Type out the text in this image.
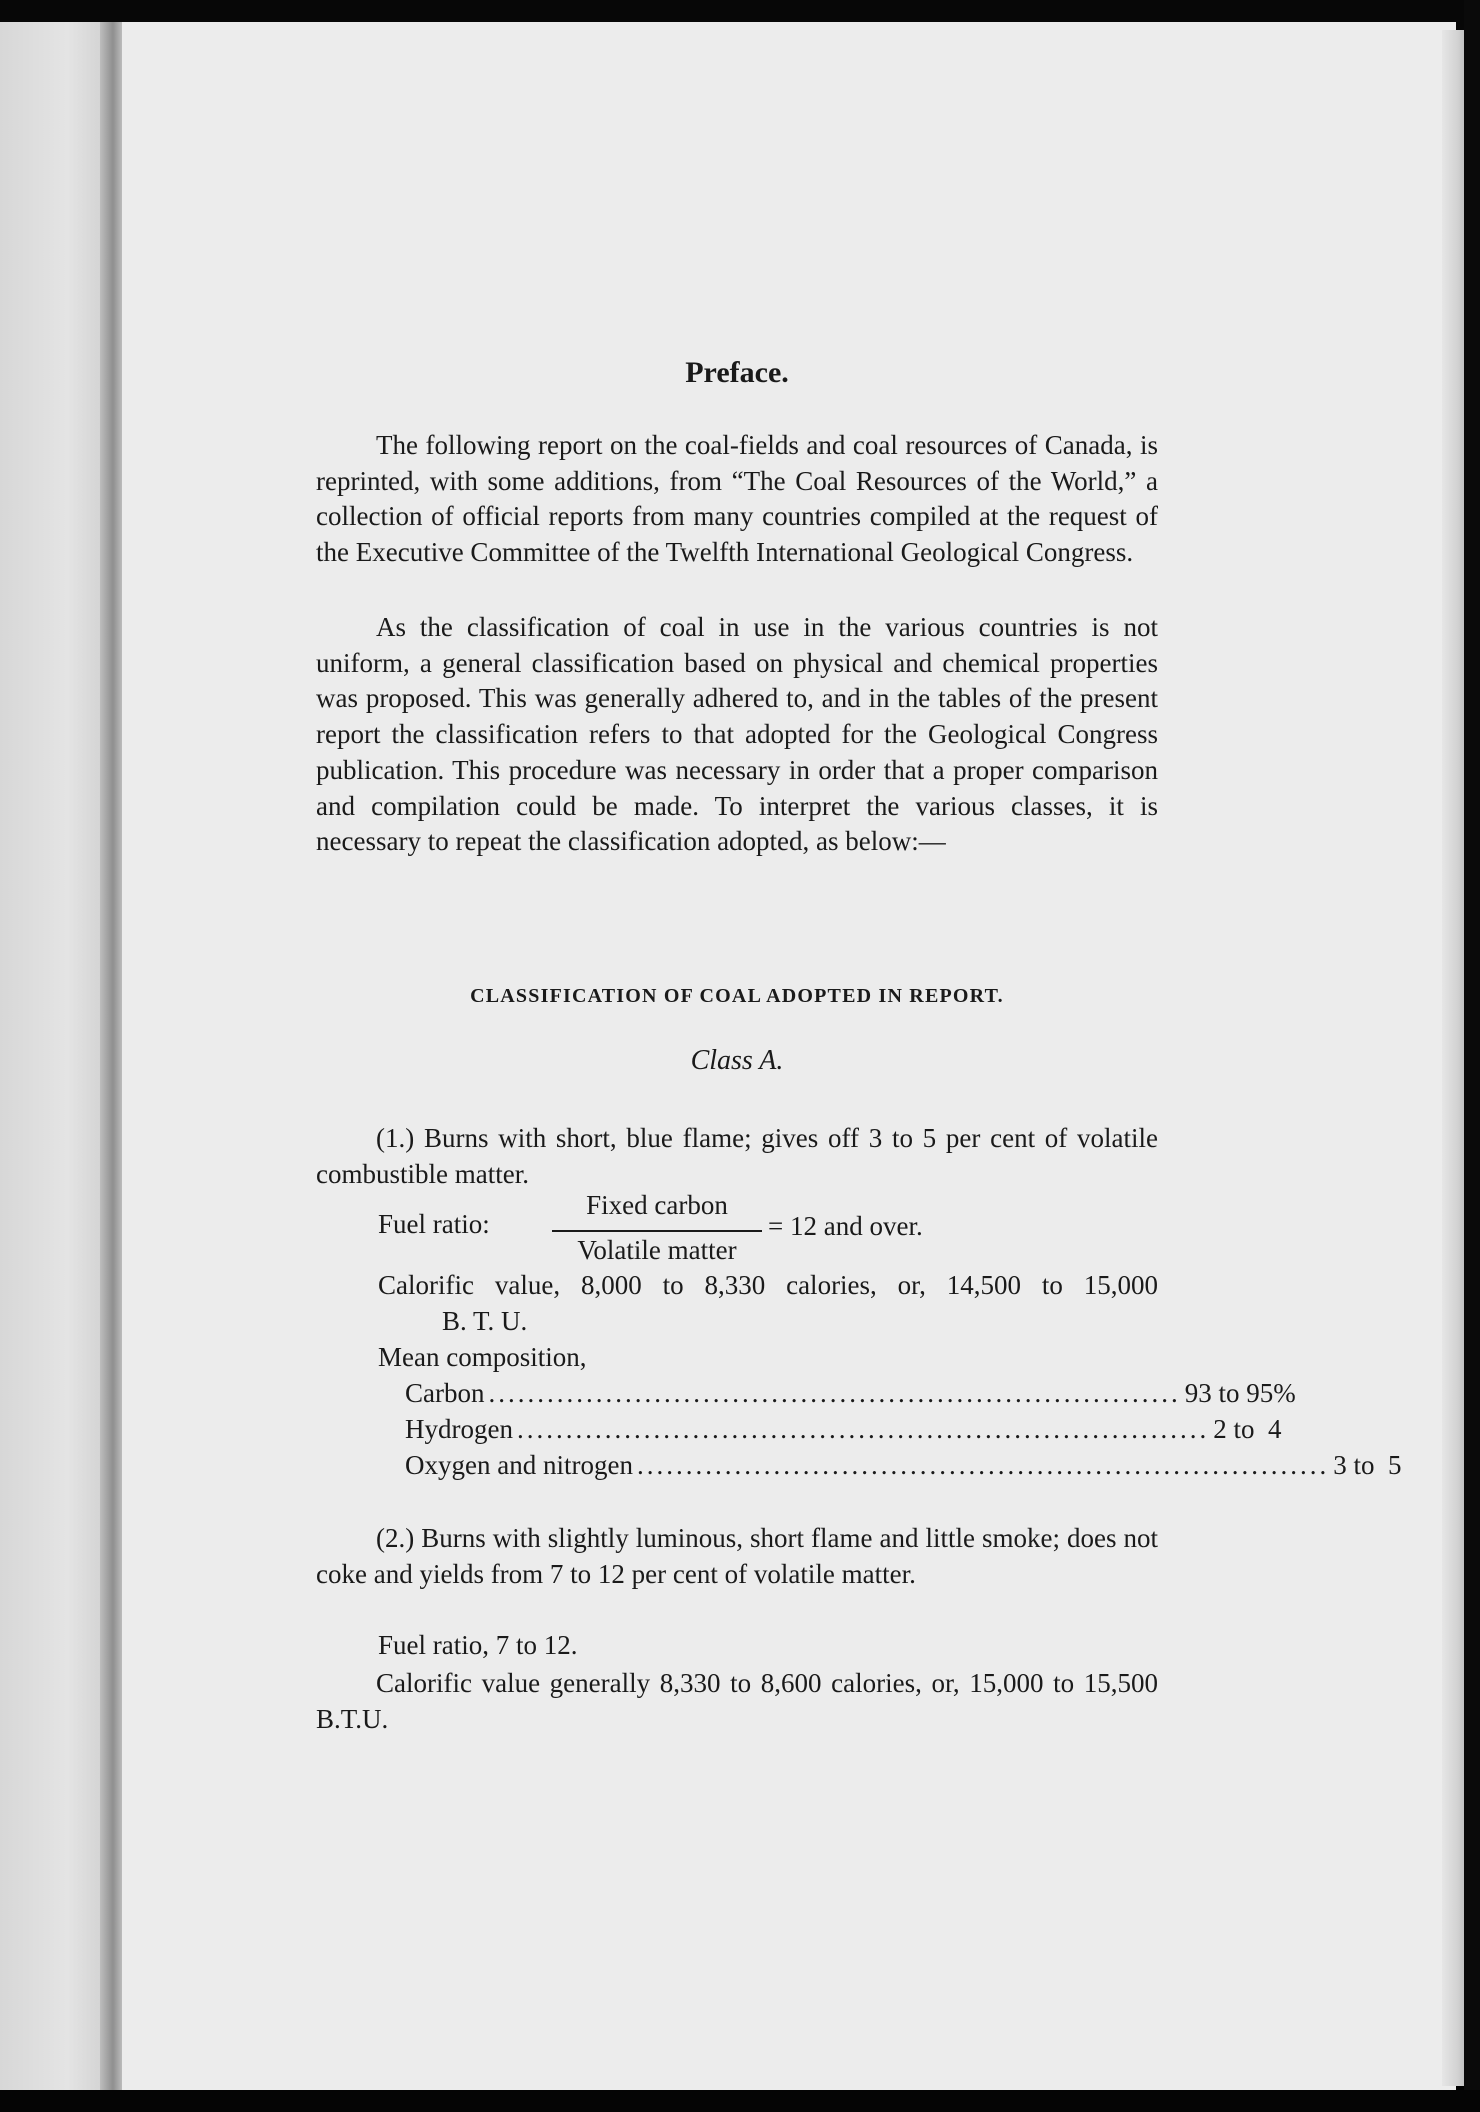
Preface.

The following report on the coal-fields and coal resources of Canada, is reprinted, with some additions, from “The Coal Resources of the World,” a collection of official reports from many countries compiled at the request of the Executive Committee of the Twelfth International Geological Congress.

As the classification of coal in use in the various countries is not uniform, a general classification based on physical and chemical properties was proposed. This was generally adhered to, and in the tables of the present report the classification refers to that adopted for the Geological Congress publication. This procedure was necessary in order that a proper comparison and compilation could be made. To interpret the various classes, it is necessary to repeat the classification adopted, as below:—

CLASSIFICATION OF COAL ADOPTED IN REPORT.
Class A.

(1.) Burns with short, blue flame; gives off 3 to 5 per cent of volatile combustible matter.

Fuel ratio:
Fixed carbon
Volatile matter
= 12 and over.
Calorific value, 8,000 to 8,330 calories, or, 14,500 to 15,000
B. T. U.
Mean composition,
Carbon ....................................................................... 93 to 95%
Hydrogen ....................................................................... 2 to  4
Oxygen and nitrogen ....................................................................... 3 to  5

(2.) Burns with slightly luminous, short flame and little smoke; does not coke and yields from 7 to 12 per cent of volatile matter.

Fuel ratio, 7 to 12.

Calorific value generally 8,330 to 8,600 calories, or, 15,000 to 15,500 B.T.U.
